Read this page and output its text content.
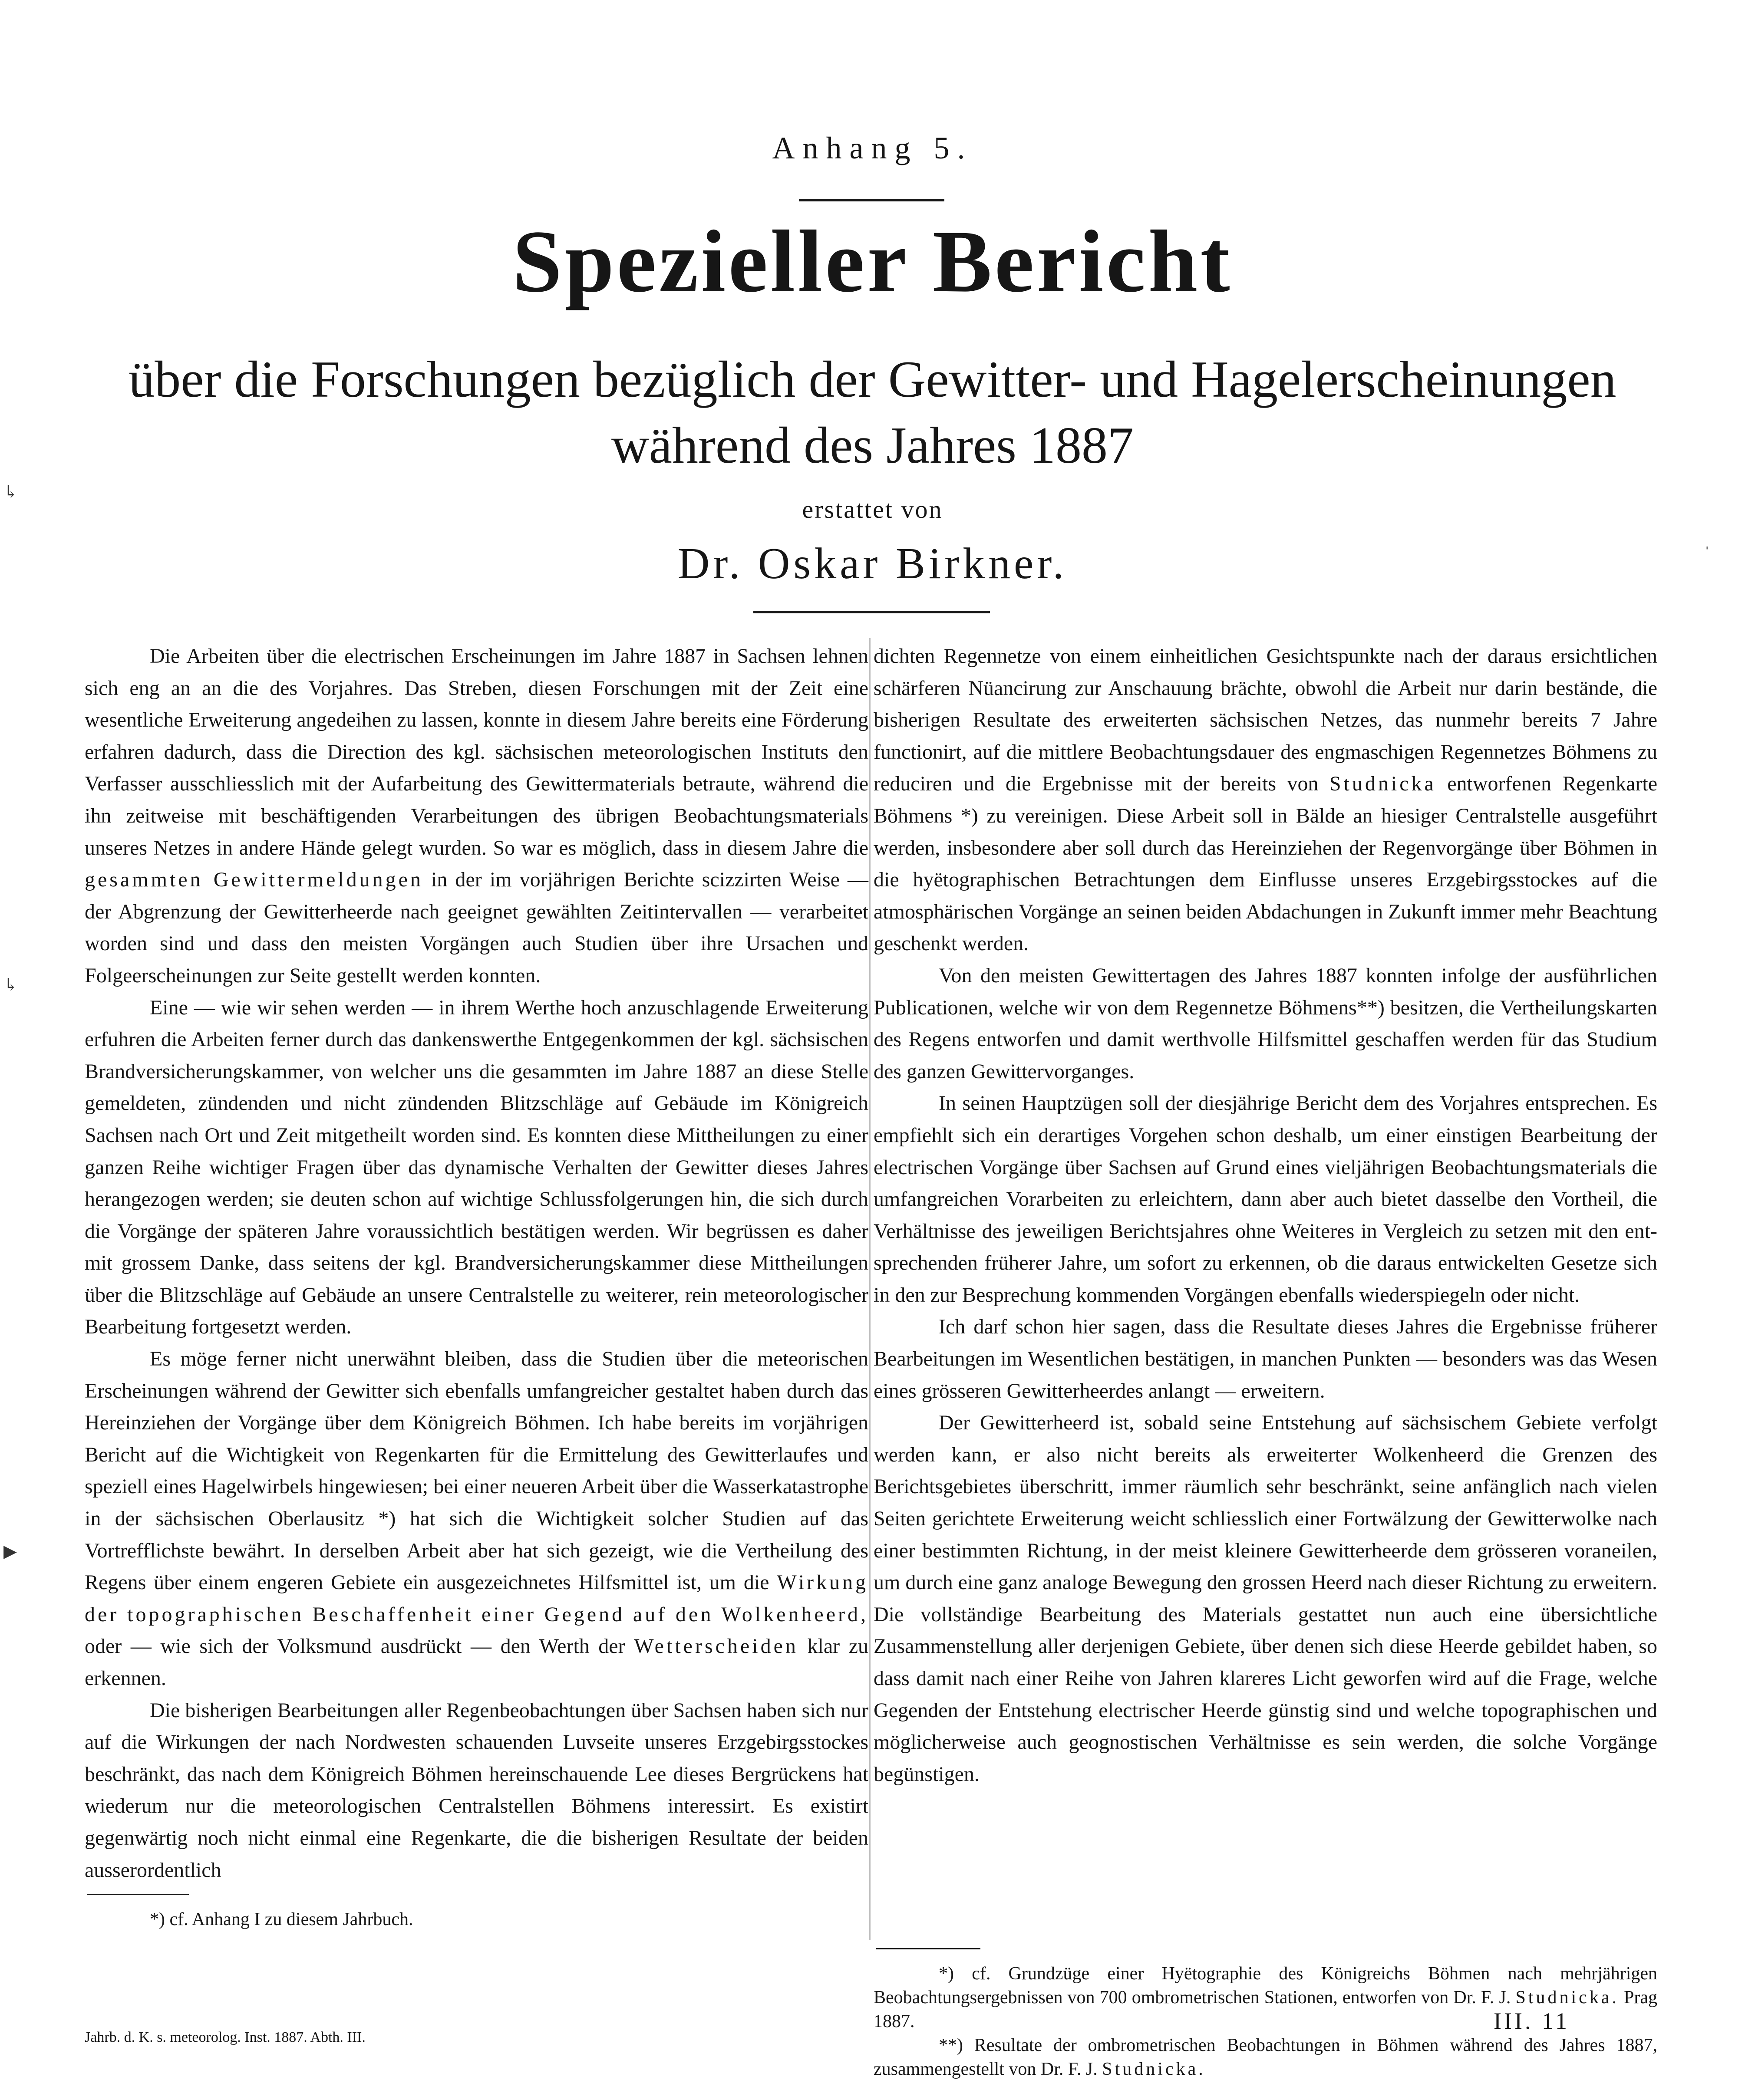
↳
↳
▶
ˈ

Anhang 5.

Spezieller Bericht

über die Forschungen bezüglich der Gewitter- und Hagelerscheinungen

während des Jahres 1887

erstattet von

Dr. Oskar Birkner.

Die Arbeiten über die electrischen Erscheinungen im Jahre 1887 in Sachsen lehnen sich eng an an die des Vorjahres. Das Streben, diesen Forschungen mit der Zeit eine wesentliche Erweiterung angedeihen zu lassen, konnte in diesem Jahre bereits eine Förderung erfahren dadurch, dass die Direction des kgl. sächsischen meteorologischen Instituts den Verfasser ausschliesslich mit der Aufarbeitung des Gewittermaterials betraute, während die ihn zeitweise mit beschäftigenden Verarbeitungen des übrigen Beobachtungsmaterials unseres Netzes in andere Hände gelegt wurden. So war es möglich, dass in diesem Jahre die gesammten Gewittermeldungen in der im vorjährigen Berichte scizzirten Weise — der Abgrenzung der Gewitterheerde nach geeignet gewählten Zeitintervallen — verarbeitet worden sind und dass den meisten Vorgängen auch Studien über ihre Ursachen und Folgeerscheinungen zur Seite gestellt werden konnten.

Eine — wie wir sehen werden — in ihrem Werthe hoch anzuschlagende Erweiterung erfuhren die Arbeiten ferner durch das dankenswerthe Entgegenkommen der kgl. sächsischen Brandversicherungskammer, von welcher uns die gesammten im Jahre 1887 an diese Stelle gemeldeten, zündenden und nicht zündenden Blitzschläge auf Gebäude im Königreich Sachsen nach Ort und Zeit mitgetheilt worden sind. Es konnten diese Mittheilungen zu einer ganzen Reihe wichtiger Fragen über das dynamische Verhalten der Gewitter dieses Jahres herangezogen werden; sie deuten schon auf wichtige Schlussfolgerungen hin, die sich durch die Vorgänge der späteren Jahre voraussichtlich bestätigen werden. Wir begrüssen es daher mit grossem Danke, dass seitens der kgl. Brandversicherungskammer diese Mittheilungen über die Blitzschläge auf Gebäude an unsere Centralstelle zu weiterer, rein meteorologischer Bearbeitung fortgesetzt werden.

Es möge ferner nicht unerwähnt bleiben, dass die Studien über die meteorischen Erscheinungen während der Gewitter sich ebenfalls umfangreicher gestaltet haben durch das Hereinziehen der Vorgänge über dem Königreich Böhmen. Ich habe bereits im vorjährigen Bericht auf die Wichtigkeit von Regenkarten für die Ermittelung des Gewitterlaufes und speziell eines Hagelwirbels hingewiesen; bei einer neueren Arbeit über die Wasserkatastrophe in der sächsischen Oberlausitz *) hat sich die Wichtigkeit solcher Studien auf das Vortrefflichste bewährt. In derselben Arbeit aber hat sich gezeigt, wie die Vertheilung des Regens über einem engeren Gebiete ein ausgezeichnetes Hilfsmittel ist, um die Wirkung der topographischen Beschaffenheit einer Gegend auf den Wolkenheerd, oder — wie sich der Volksmund ausdrückt — den Werth der Wetterscheiden klar zu erkennen.

Die bisherigen Bearbeitungen aller Regenbeobachtungen über Sachsen haben sich nur auf die Wirkungen der nach Nordwesten schauenden Luvseite unseres Erzgebirgsstockes beschränkt, das nach dem Königreich Böhmen hereinschauende Lee dieses Bergrückens hat wiederum nur die meteorologischen Centralstellen Böhmens interessirt. Es existirt gegenwärtig noch nicht einmal eine Regenkarte, die die bisherigen Resultate der beiden ausserordentlich

dichten Regennetze von einem einheitlichen Gesichtspunkte nach der daraus ersichtlichen schärferen Nüancirung zur Anschauung brächte, obwohl die Arbeit nur darin bestände, die bisherigen Resultate des erweiterten sächsischen Netzes, das nunmehr bereits 7 Jahre functionirt, auf die mittlere Beobachtungsdauer des engmaschigen Regennetzes Böhmens zu reduciren und die Ergebnisse mit der bereits von Studnicka entworfenen Regenkarte Böhmens *) zu vereinigen. Diese Arbeit soll in Bälde an hiesiger Centralstelle ausgeführt werden, insbesondere aber soll durch das Hereinziehen der Regenvorgänge über Böhmen in die hyëtographischen Betrachtungen dem Einflusse unseres Erzgebirgsstockes auf die atmosphärischen Vorgänge an seinen beiden Abdachungen in Zukunft immer mehr Beachtung geschenkt werden.

Von den meisten Gewittertagen des Jahres 1887 konnten infolge der ausführlichen Publicationen, welche wir von dem Regennetze Böhmens**) besitzen, die Vertheilungskarten des Regens entworfen und damit werthvolle Hilfsmittel geschaffen werden für das Studium des ganzen Gewittervorganges.

In seinen Hauptzügen soll der diesjährige Bericht dem des Vorjahres entsprechen. Es empfiehlt sich ein derartiges Vorgehen schon deshalb, um einer einstigen Bearbeitung der electrischen Vorgänge über Sachsen auf Grund eines vieljährigen Beobachtungsmaterials die umfangreichen Vorarbeiten zu erleichtern, dann aber auch bietet dasselbe den Vortheil, die Verhältnisse des jeweiligen Berichtsjahres ohne Weiteres in Vergleich zu setzen mit den entsprechenden früherer Jahre, um sofort zu erkennen, ob die daraus entwickelten Gesetze sich in den zur Besprechung kommenden Vorgängen ebenfalls wiederspiegeln oder nicht.

Ich darf schon hier sagen, dass die Resultate dieses Jahres die Ergebnisse früherer Bearbeitungen im Wesentlichen bestätigen, in manchen Punkten — besonders was das Wesen eines grösseren Gewitterheerdes anlangt — erweitern.

Der Gewitterheerd ist, sobald seine Entstehung auf sächsischem Gebiete verfolgt werden kann, er also nicht bereits als erweiterter Wolkenheerd die Grenzen des Berichtsgebietes überschritt, immer räumlich sehr beschränkt, seine anfänglich nach vielen Seiten gerichtete Erweiterung weicht schliesslich einer Fortwälzung der Gewitterwolke nach einer bestimmten Richtung, in der meist kleinere Gewitterheerde dem grösseren voraneilen, um durch eine ganz analoge Bewegung den grossen Heerd nach dieser Richtung zu erweitern. Die vollständige Bearbeitung des Materials gestattet nun auch eine übersichtliche Zusammenstellung aller derjenigen Gebiete, über denen sich diese Heerde gebildet haben, so dass damit nach einer Reihe von Jahren klareres Licht geworfen wird auf die Frage, welche Gegenden der Entstehung electrischer Heerde günstig sind und welche topographischen und möglicherweise auch geognostischen Verhältnisse es sein werden, die solche Vorgänge begünstigen.

*) cf. Anhang I zu diesem Jahrbuch.

*) cf. Grundzüge einer Hyëtographie des Königreichs Böhmen nach mehrjährigen Beobachtungsergebnissen von 700 ombrometrischen Stationen, entworfen von Dr. F. J. Studnicka. Prag 1887.

**) Resultate der ombrometrischen Beobachtungen in Böhmen während des Jahres 1887, zusammengestellt von Dr. F. J. Studnicka.

Jahrb. d. K. s. meteorolog. Inst. 1887. Abth. III.

III. 11
